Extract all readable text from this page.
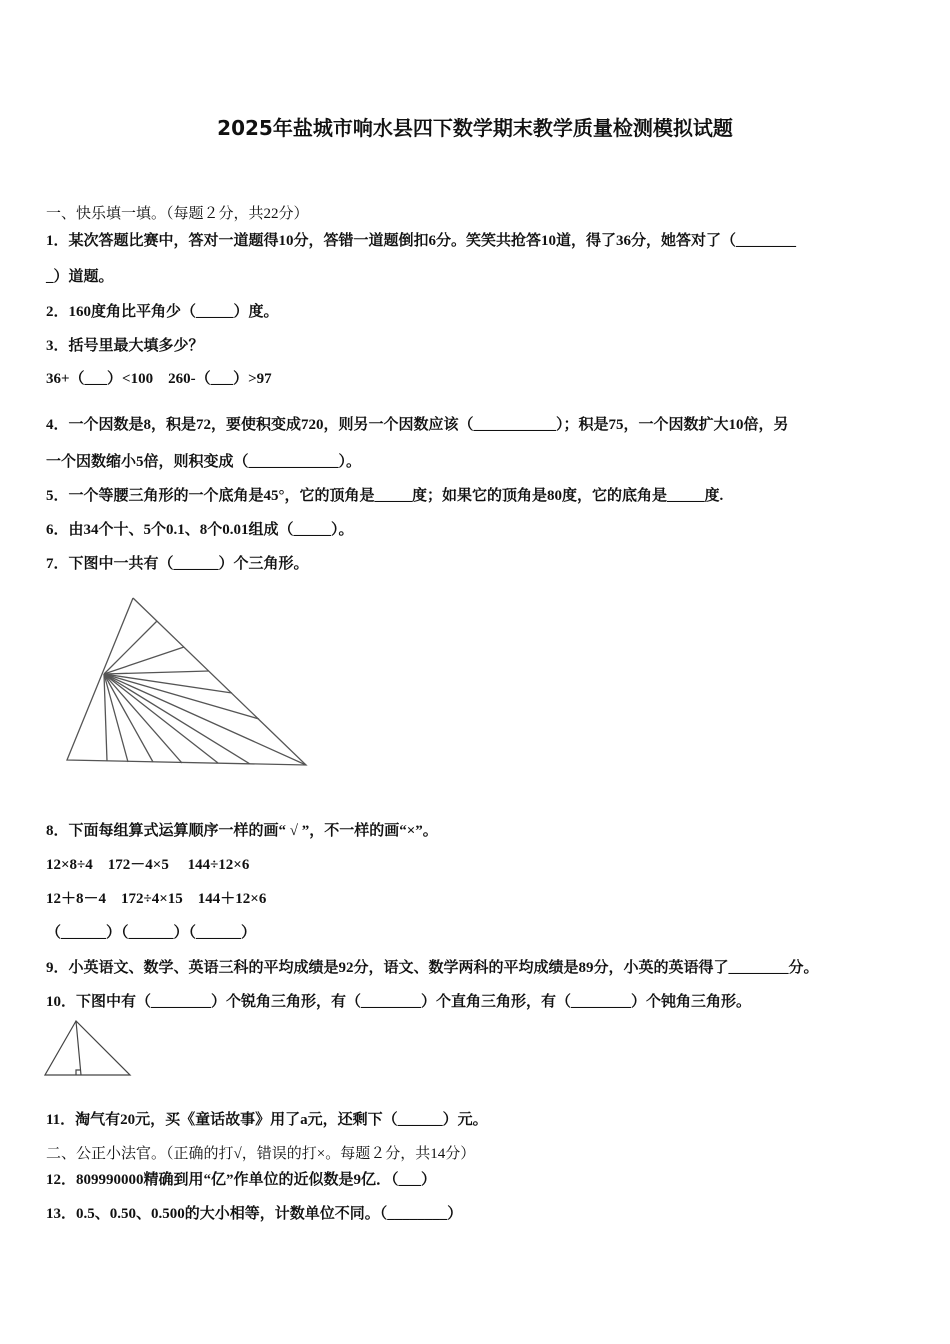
2025年盐城市响水县四下数学期末教学质量检测模拟试题
一、快乐填一填。（每题２分，共22分）
1．某次答题比赛中，答对一道题得10分，答错一道题倒扣6分。笑笑共抢答10道，得了36分，她答对了（________
_）道题。
2．160度角比平角少（_____）度。
3．括号里最大填多少？
36+（___）<100　260-（___）>97
4．一个因数是8，积是72，要使积变成720，则另一个因数应该（___________）；积是75，一个因数扩大10倍，另
一个因数缩小5倍，则积变成（____________）。
5．一个等腰三角形的一个底角是45°，它的顶角是_____度；如果它的顶角是80度，它的底角是_____度.
6．由34个十、5个0.1、8个0.01组成（_____）。
7．下图中一共有（______）个三角形。
8．下面每组算式运算顺序一样的画“ √ ”，不一样的画“×”。
12×8÷4　172－4×5　 144÷12×6
12＋8－4　172÷4×15　144＋12×6
（______）（______）（______）
9．小英语文、数学、英语三科的平均成绩是92分，语文、数学两科的平均成绩是89分，小英的英语得了________分。
10．下图中有（________）个锐角三角形，有（________）个直角三角形，有（________）个钝角三角形。
11．淘气有20元，买《童话故事》用了a元，还剩下（______）元。
二、公正小法官。（正确的打√，错误的打×。每题２分，共14分）
12．809990000精确到用“亿”作单位的近似数是9亿．（___）
13．0.5、0.50、0.500的大小相等，计数单位不同。（________）
